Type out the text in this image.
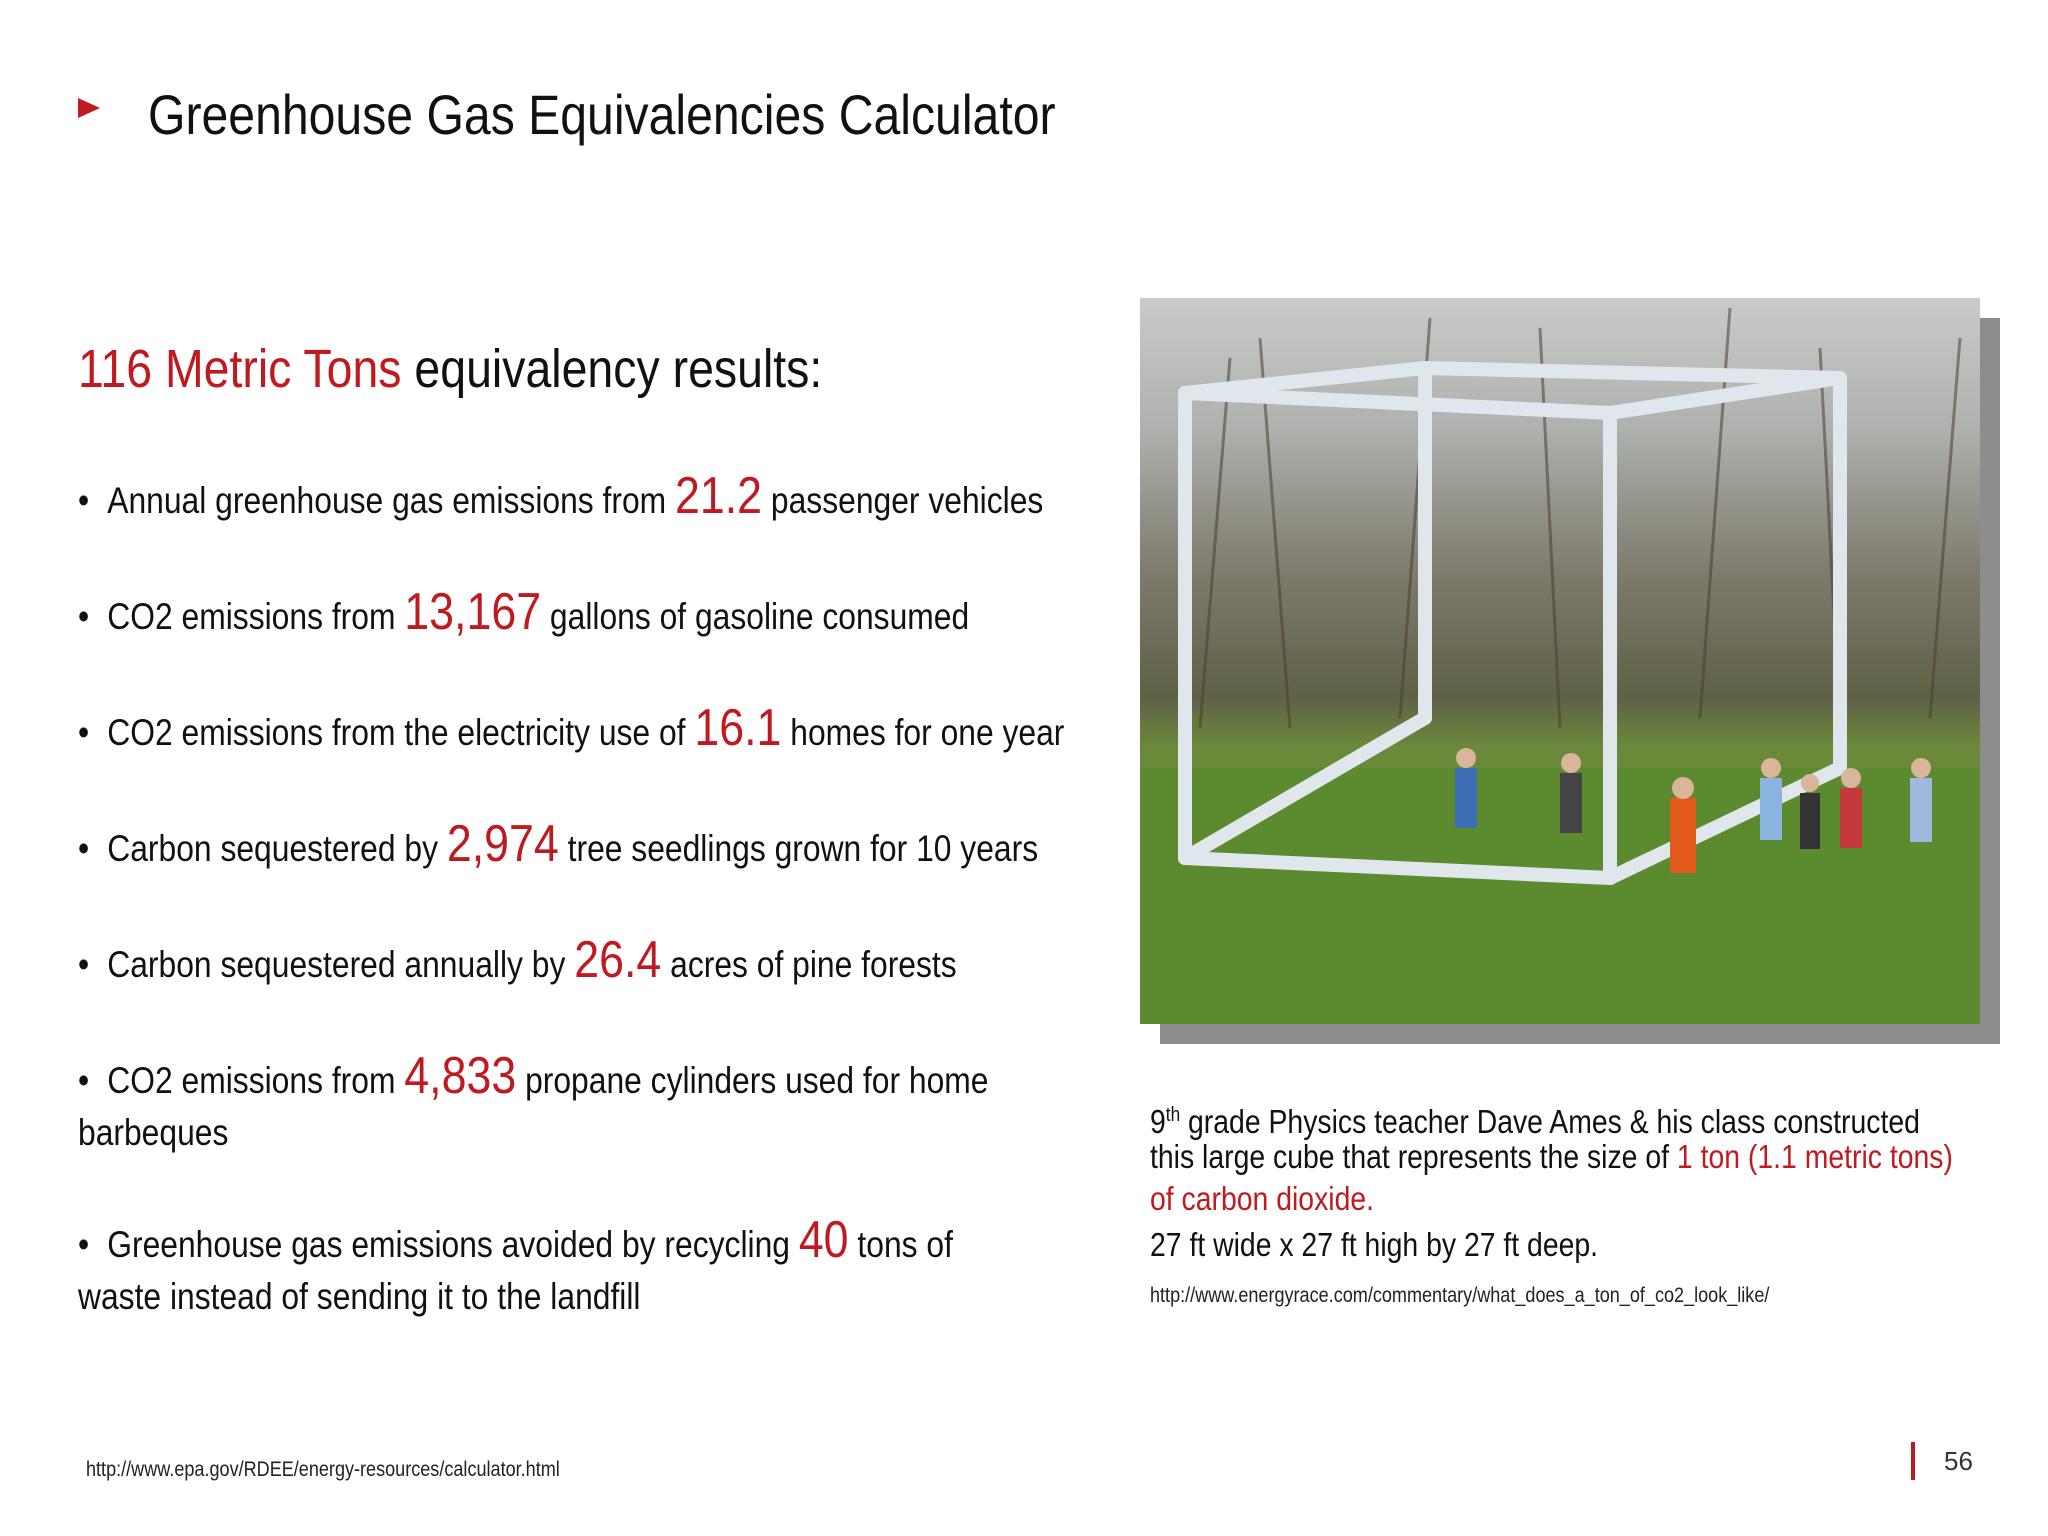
Greenhouse Gas Equivalencies Calculator
116 Metric Tons equivalency results:
• Annual greenhouse gas emissions from 21.2 passenger vehicles
• CO2 emissions from 13,167 gallons of gasoline consumed
• CO2 emissions from the electricity use of 16.1 homes for one year
• Carbon sequestered by 2,974 tree seedlings grown for 10 years
• Carbon sequestered annually by 26.4 acres of pine forests
• CO2 emissions from 4,833 propane cylinders used for home
barbeques
• Greenhouse gas emissions avoided by recycling 40 tons of
waste instead of sending it to the landfill
9th grade Physics teacher Dave Ames & his class constructed
this large cube that represents the size of 1 ton (1.1 metric tons)
of carbon dioxide.
27 ft wide x 27 ft high by 27 ft deep.
http://www.energyrace.com/commentary/what_does_a_ton_of_co2_look_like/
http://www.epa.gov/RDEE/energy-resources/calculator.html	56
